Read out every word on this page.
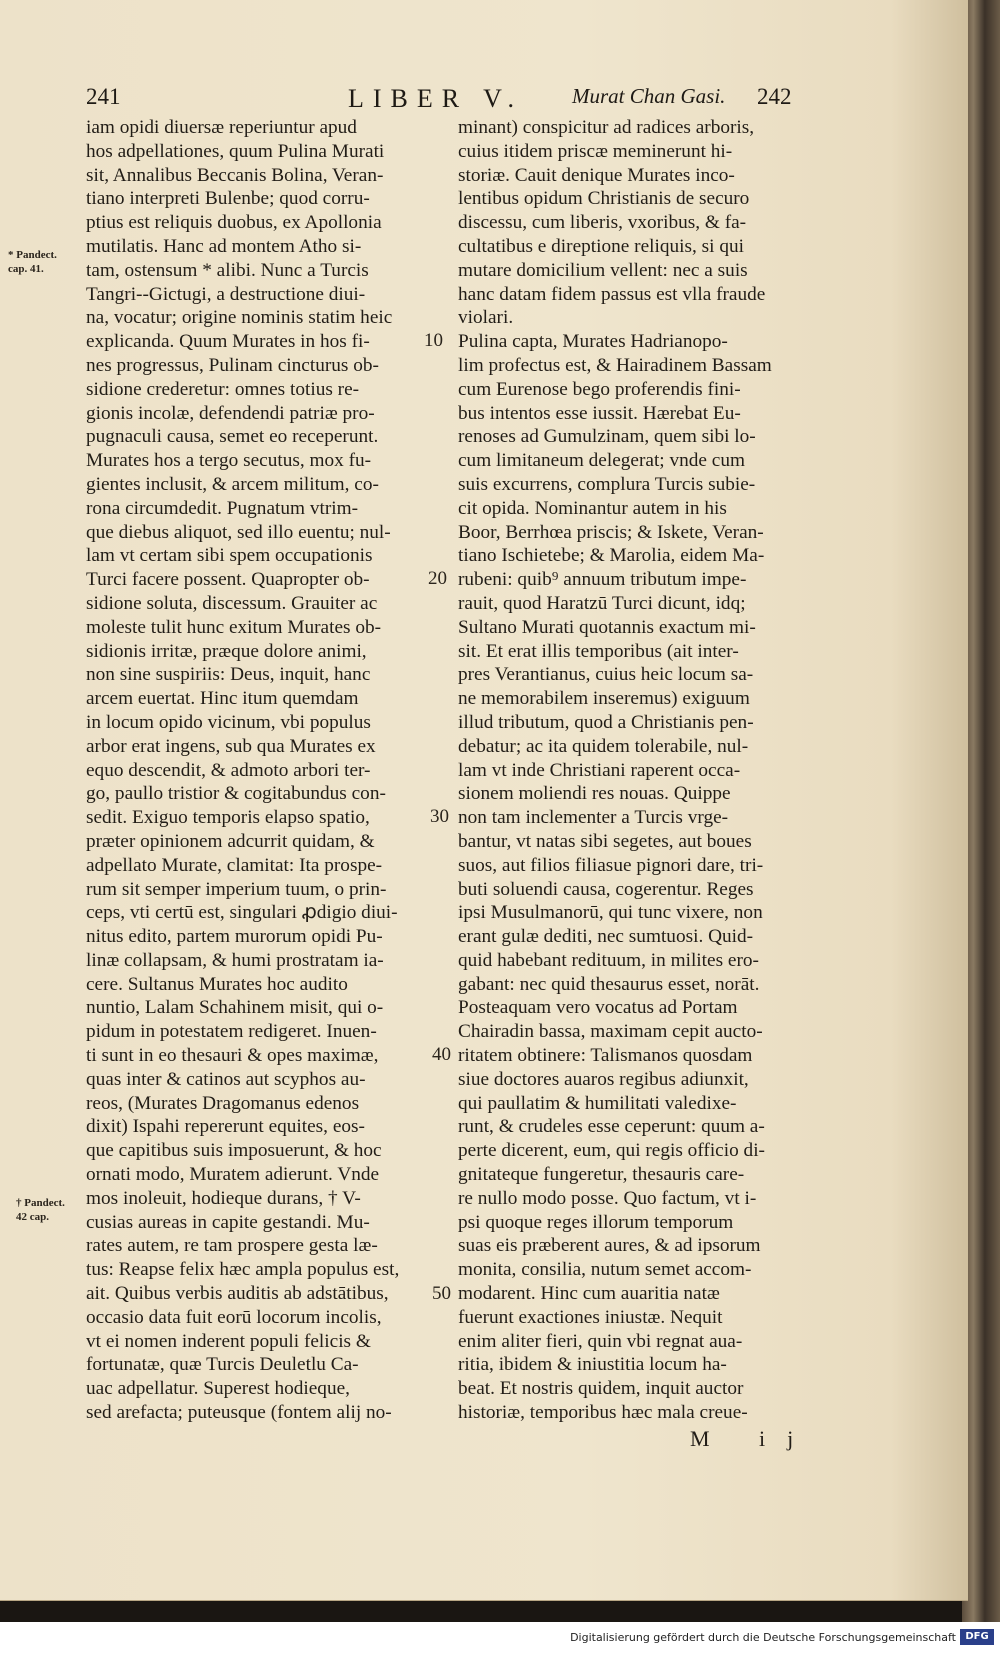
241	LIBER V. Murat Chan Gasi. 242
* Pandect.
cap. 41.
† Pandect.
42 cap.
10
20
30
40
50
iam opidi diuersæ reperiuntur apud
hos adpellationes, quum Pulina Murati
sit, Annalibus Beccanis Bolina, Veran-
tiano interpreti Bulenbe; quod corru-
ptius est reliquis duobus, ex Apollonia
mutilatis. Hanc ad montem Atho si-
tam, ostensum * alibi. Nunc a Turcis
Tangri--Gictugi, a destructione diui-
na, vocatur; origine nominis statim heic
explicanda. Quum Murates in hos fi-
nes progressus, Pulinam cincturus ob-
sidione crederetur: omnes totius re-
gionis incolæ, defendendi patriæ pro-
pugnaculi causa, semet eo receperunt.
Murates hos a tergo secutus, mox fu-
gientes inclusit, & arcem militum, co-
rona circumdedit. Pugnatum vtrim-
que diebus aliquot, sed illo euentu; nul-
lam vt certam sibi spem occupationis
Turci facere possent. Quapropter ob-
sidione soluta, discessum. Grauiter ac
moleste tulit hunc exitum Murates ob-
sidionis irritæ, præque dolore animi,
non sine suspiriis: Deus, inquit, hanc
arcem euertat. Hinc itum quemdam
in locum opido vicinum, vbi populus
arbor erat ingens, sub qua Murates ex
equo descendit, & admoto arbori ter-
go, paullo tristior & cogitabundus con-
sedit. Exiguo temporis elapso spatio,
præter opinionem adcurrit quidam, &
adpellato Murate, clamitat: Ita prospe-
rum sit semper imperium tuum, o prin-
ceps, vti certū est, singulari ꝓdigio diui-
nitus edito, partem murorum opidi Pu-
linæ collapsam, & humi prostratam ia-
cere. Sultanus Murates hoc audito
nuntio, Lalam Schahinem misit, qui o-
pidum in potestatem redigeret. Inuen-
ti sunt in eo thesauri & opes maximæ,
quas inter & catinos aut scyphos au-
reos, (Murates Dragomanus edenos
dixit) Ispahi repererunt equites, eos-
que capitibus suis imposuerunt, & hoc
ornati modo, Muratem adierunt. Vnde
mos inoleuit, hodieque durans, † V-
cusias aureas in capite gestandi. Mu-
rates autem, re tam prospere gesta læ-
tus: Reapse felix hæc ampla populus est,
ait. Quibus verbis auditis ab adstātibus,
occasio data fuit eorū locorum incolis,
vt ei nomen inderent populi felicis &
fortunatæ, quæ Turcis Deuletlu Ca-
uac adpellatur. Superest hodieque,
sed arefacta; puteusque (fontem alij no-
minant) conspicitur ad radices arboris,
cuius itidem priscæ meminerunt hi-
storiæ. Cauit denique Murates inco-
lentibus opidum Christianis de securo
discessu, cum liberis, vxoribus, & fa-
cultatibus e direptione reliquis, si qui
mutare domicilium vellent: nec a suis
hanc datam fidem passus est vlla fraude
violari.
Pulina capta, Murates Hadrianopo-
lim profectus est, & Hairadinem Bassam
cum Eurenose bego proferendis fini-
bus intentos esse iussit. Hærebat Eu-
renoses ad Gumulzinam, quem sibi lo-
cum limitaneum delegerat; vnde cum
suis excurrens, complura Turcis subie-
cit opida. Nominantur autem in his
Boor, Berrhœa priscis; & Iskete, Veran-
tiano Ischietebe; & Marolia, eidem Ma-
rubeni: quib⁹ annuum tributum impe-
rauit, quod Haratzū Turci dicunt, idq;
Sultano Murati quotannis exactum mi-
sit. Et erat illis temporibus (ait inter-
pres Verantianus, cuius heic locum sa-
ne memorabilem inseremus) exiguum
illud tributum, quod a Christianis pen-
debatur; ac ita quidem tolerabile, nul-
lam vt inde Christiani raperent occa-
sionem moliendi res nouas. Quippe
non tam inclementer a Turcis vrge-
bantur, vt natas sibi segetes, aut boues
suos, aut filios filiasue pignori dare, tri-
buti soluendi causa, cogerentur. Reges
ipsi Musulmanorū, qui tunc vixere, non
erant gulæ dediti, nec sumtuosi. Quid-
quid habebant redituum, in milites ero-
gabant: nec quid thesaurus esset, norāt.
Posteaquam vero vocatus ad Portam
Chairadin bassa, maximam cepit aucto-
ritatem obtinere: Talismanos quosdam
siue doctores auaros regibus adiunxit,
qui paullatim & humilitati valedixe-
runt, & crudeles esse ceperunt: quum a-
perte dicerent, eum, qui regis officio di-
gnitateque fungeretur, thesauris care-
re nullo modo posse. Quo factum, vt i-
psi quoque reges illorum temporum
suas eis præberent aures, & ad ipsorum
monita, consilia, nutum semet accom-
modarent. Hinc cum auaritia natæ
fuerunt exactiones iniustæ. Nequit
enim aliter fieri, quin vbi regnat aua-
ritia, ibidem & iniustitia locum ha-
beat. Et nostris quidem, inquit auctor
historiæ, temporibus hæc mala creue-
M ij
Digitalisierung gefördert durch die Deutsche Forschungsgemeinschaft DFG
